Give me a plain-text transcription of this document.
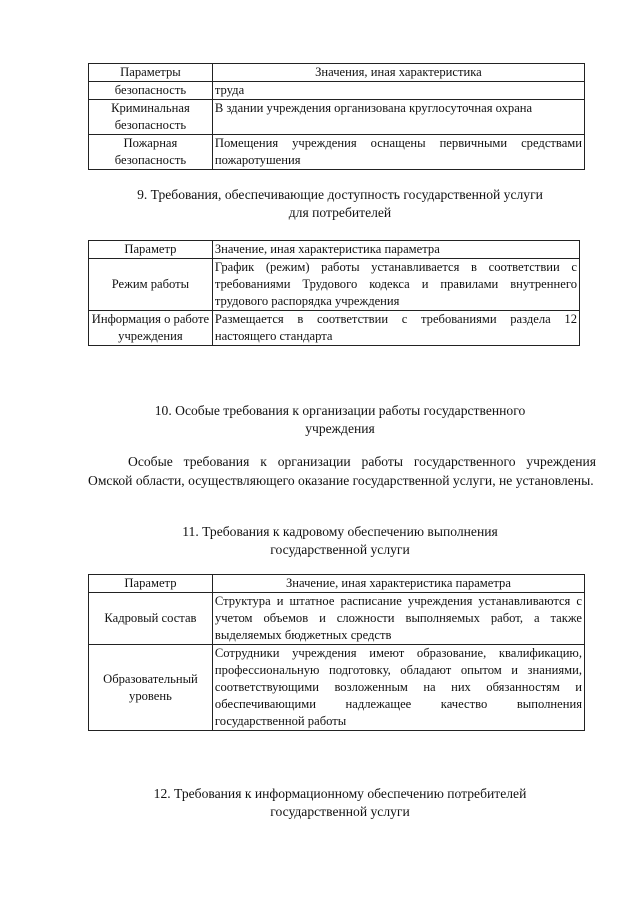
Параметры	Значения, иная характеристика
безопасность	труда
Криминальная безопасность	В здании учреждения организована круглосуточная охрана
Пожарная безопасность	Помещения учреждения оснащены первичными средствами пожаротушения
9. Требования, обеспечивающие доступность государственной услуги для потребителей
Параметр	Значение, иная характеристика параметра
Режим работы	График (режим) работы устанавливается в соответствии с требованиями Трудового кодекса и правилами внутреннего трудового распорядка учреждения
Информация о работе учреждения	Размещается в соответствии с требованиями раздела 12 настоящего стандарта
10. Особые требования к организации работы государственного учреждения
Особые требования к организации работы государственного учреждения Омской области, осуществляющего оказание государственной услуги, не установлены.
11. Требования к кадровому обеспечению выполнения государственной услуги
Параметр	Значение, иная характеристика параметра
Кадровый состав	Структура и штатное расписание учреждения устанавливаются с учетом объемов и сложности выполняемых работ, а также выделяемых бюджетных средств
Образовательный уровень	Сотрудники учреждения имеют образование, квалификацию, профессиональную подготовку, обладают опытом и знаниями, соответствующими возложенным на них обязанностям и обеспечивающими надлежащее качество выполнения государственной работы
12. Требования к информационному обеспечению потребителей государственной услуги
